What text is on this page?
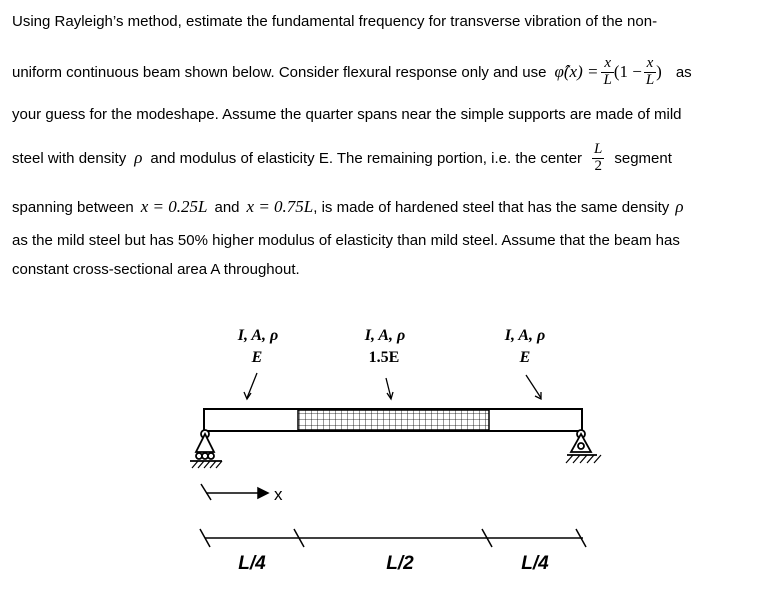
Using Rayleigh’s method, estimate the fundamental frequency for transverse vibration of the non-
uniform continuous beam shown below. Consider flexural response only and use φ̂(x) = $\frac{x}{L} (1 - \frac{x}{L}$ ) as
your guess for the modeshape. Assume the quarter spans near the simple supports are made of mild
steel with density ρ and modulus of elasticity E. The remaining portion, i.e. the center $\frac{L}{2}$ segment
spanning between x = 0.25L and x = 0.75L , is made of hardened steel that has the same density ρ
as the mild steel but has 50% higher modulus of elasticity than mild steel. Assume that the beam has
constant cross-sectional area A throughout.
I, A, ρ
E
I, A, ρ
1.5E
I, A, ρ
E
x
L/4	L/2	L/4
